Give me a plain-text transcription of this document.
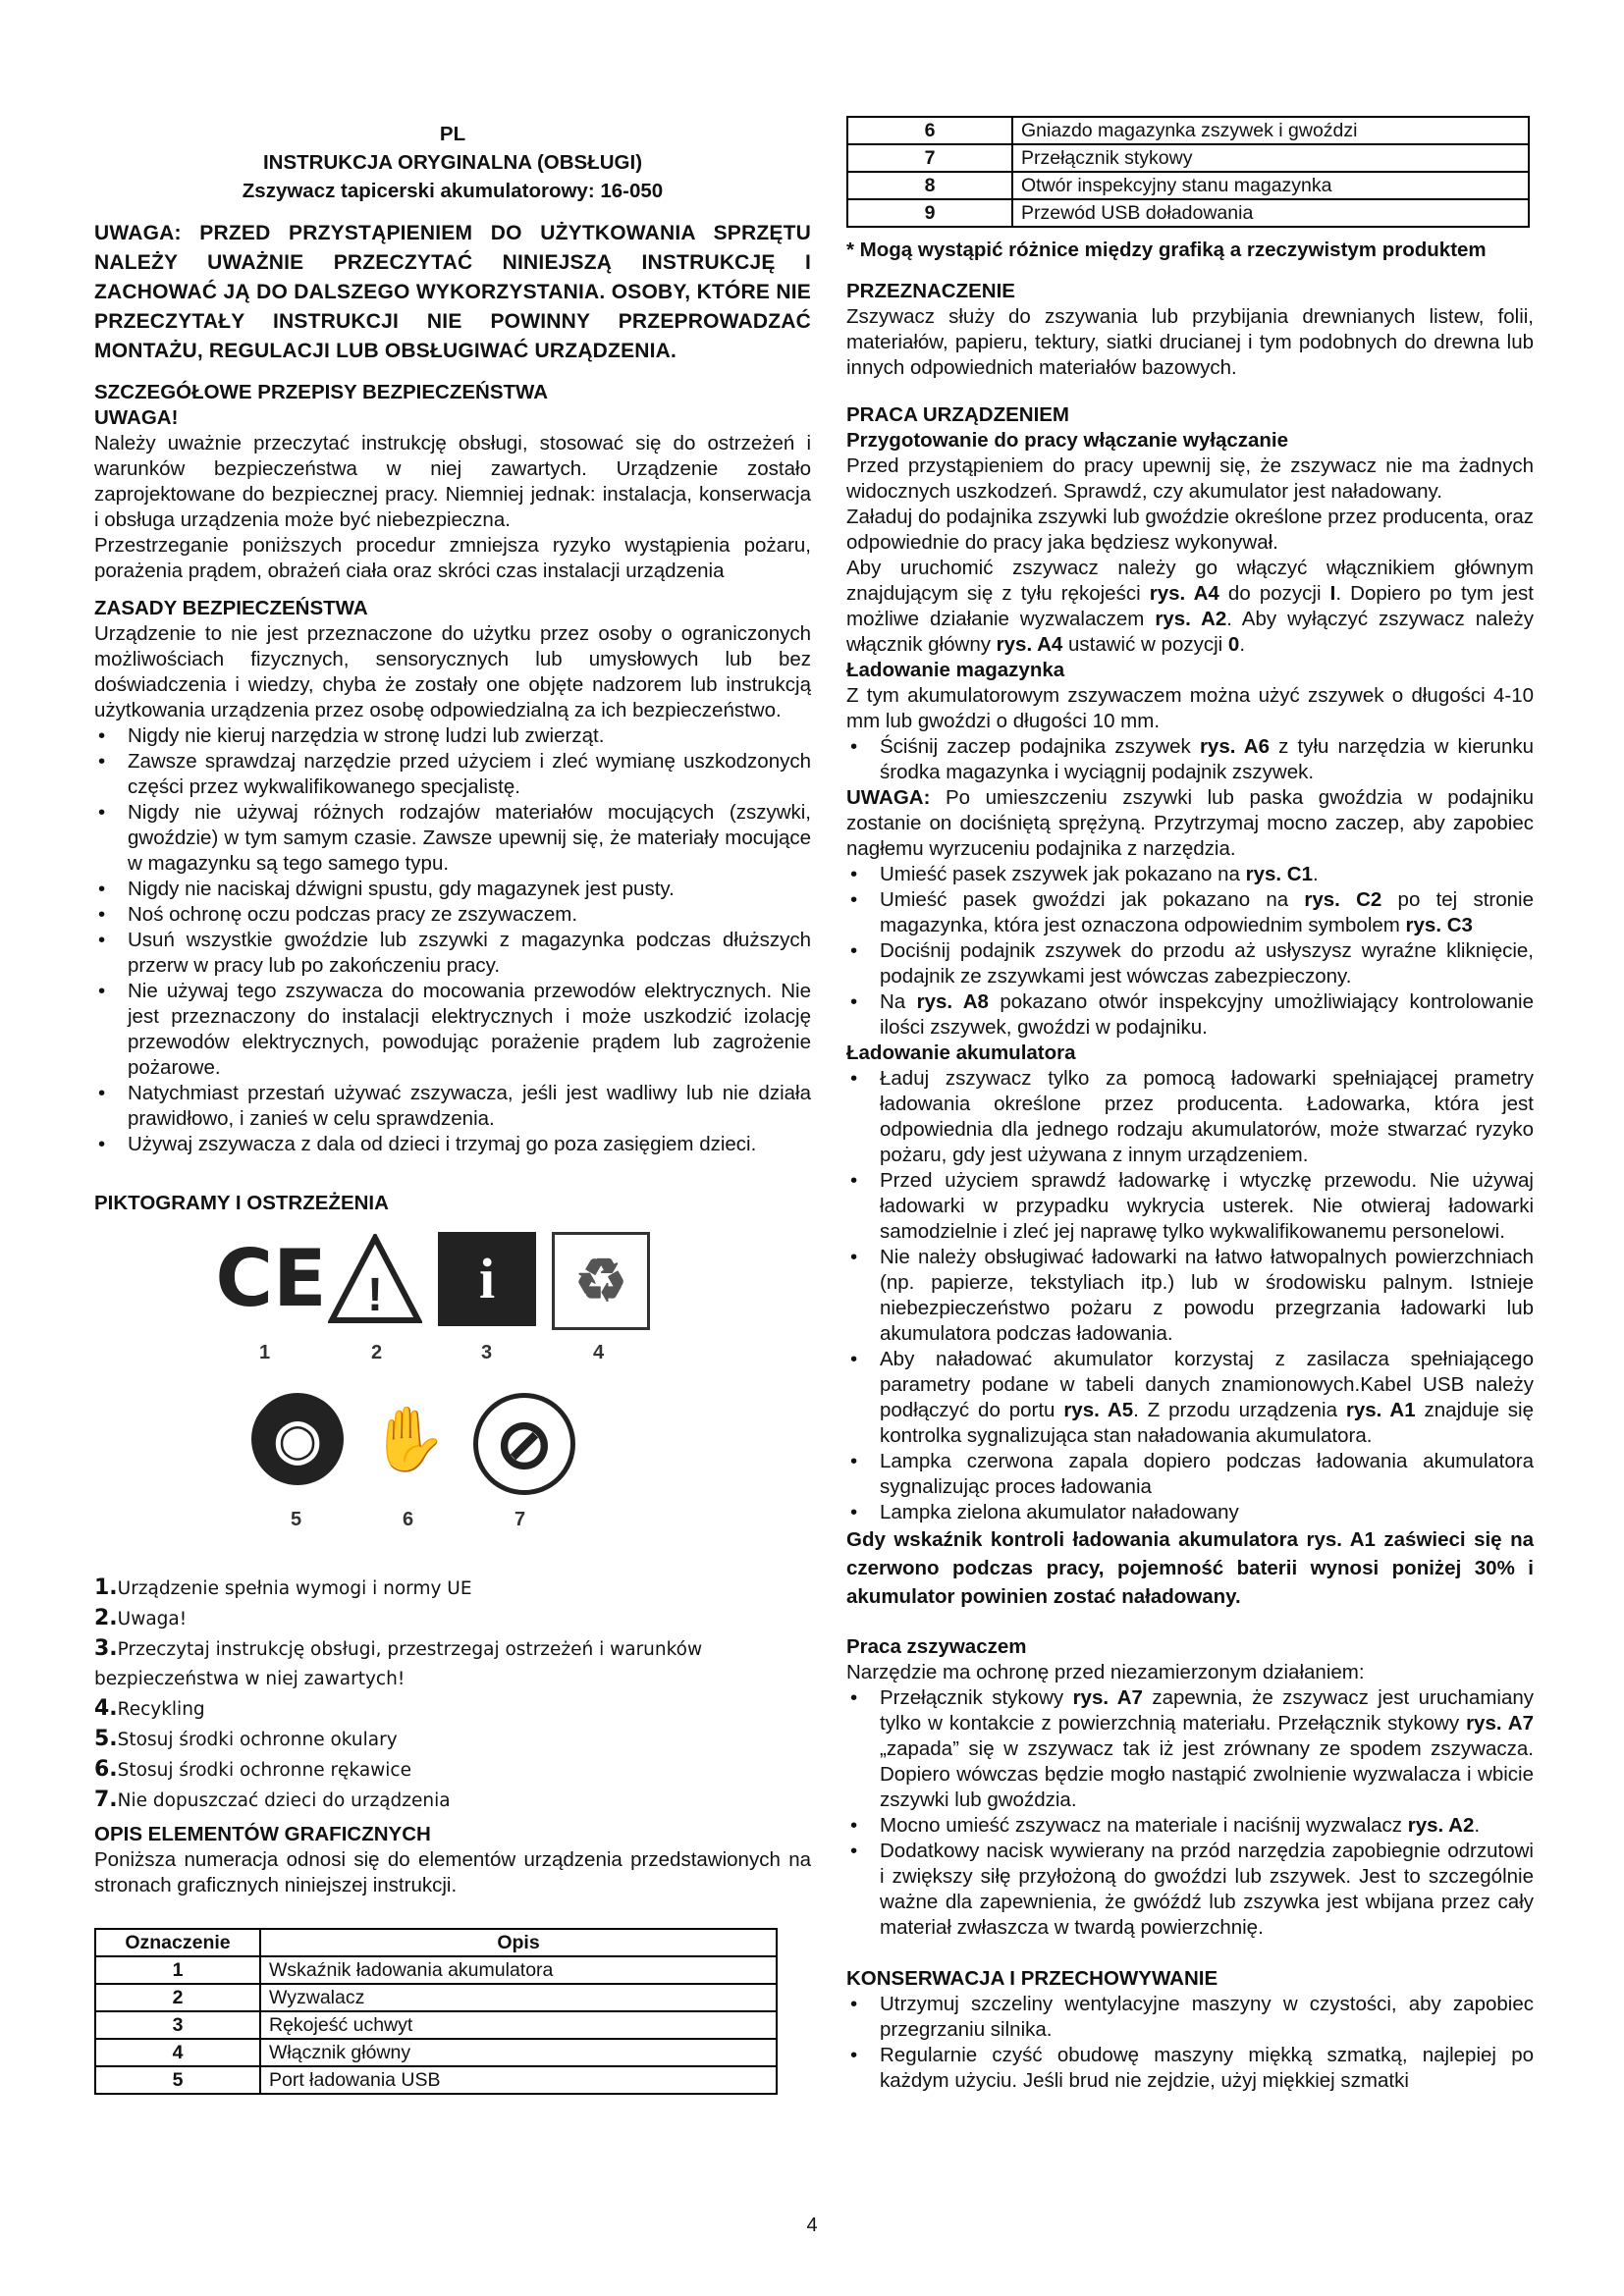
PL
INSTRUKCJA ORYGINALNA (OBSŁUGI)
Zszywacz tapicerski akumulatorowy: 16-050
UWAGA: PRZED PRZYSTĄPIENIEM DO UŻYTKOWANIA SPRZĘTU NALEŻY UWAŻNIE PRZECZYTAĆ NINIEJSZĄ INSTRUKCJĘ I ZACHOWAĆ JĄ DO DALSZEGO WYKORZYSTANIA. OSOBY, KTÓRE NIE PRZECZYTAŁY INSTRUKCJI NIE POWINNY PRZEPROWADZAĆ MONTAŻU, REGULACJI LUB OBSŁUGIWAĆ URZĄDZENIA.
SZCZEGÓŁOWE PRZEPISY BEZPIECZEŃSTWA
UWAGA!

Należy uważnie przeczytać instrukcję obsługi, stosować się do ostrzeżeń i warunków bezpieczeństwa w niej zawartych. Urządzenie zostało zaprojektowane do bezpiecznej pracy. Niemniej jednak: instalacja, konserwacja i obsługa urządzenia może być niebezpieczna.

Przestrzeganie poniższych procedur zmniejsza ryzyko wystąpienia pożaru, porażenia prądem, obrażeń ciała oraz skróci czas instalacji urządzenia

ZASADY BEZPIECZEŃSTWA

Urządzenie to nie jest przeznaczone do użytku przez osoby o ograniczonych możliwościach fizycznych, sensorycznych lub umysłowych lub bez doświadczenia i wiedzy, chyba że zostały one objęte nadzorem lub instrukcją użytkowania urządzenia przez osobę odpowiedzialną za ich bezpieczeństwo.

• Nigdy nie kieruj narzędzia w stronę ludzi lub zwierząt.
• Zawsze sprawdzaj narzędzie przed użyciem i zleć wymianę uszkodzonych części przez wykwalifikowanego specjalistę.
• Nigdy nie używaj różnych rodzajów materiałów mocujących (zszywki, gwoździe) w tym samym czasie. Zawsze upewnij się, że materiały mocujące w magazynku są tego samego typu.
• Nigdy nie naciskaj dźwigni spustu, gdy magazynek jest pusty.
• Noś ochronę oczu podczas pracy ze zszywaczem.
• Usuń wszystkie gwoździe lub zszywki z magazynka podczas dłuższych przerw w pracy lub po zakończeniu pracy.
• Nie używaj tego zszywacza do mocowania przewodów elektrycznych. Nie jest przeznaczony do instalacji elektrycznych i może uszkodzić izolację przewodów elektrycznych, powodując porażenie prądem lub zagrożenie pożarowe.
• Natychmiast przestań używać zszywacza, jeśli jest wadliwy lub nie działa prawidłowo, i zanieś w celu sprawdzenia.
• Używaj zszywacza z dala od dzieci i trzymaj go poza zasięgiem dzieci.
PIKTOGRAMY I OSTRZEŻENIA
CE !	i	♻
1	2	3	4
◉ ✋ ⊘
5	6	7
1.Urządzenie spełnia wymogi i normy UE
2.Uwaga!
3.Przeczytaj instrukcję obsługi, przestrzegaj ostrzeżeń i warunków bezpieczeństwa w niej zawartych!
4.Recykling
5.Stosuj środki ochronne okulary
6.Stosuj środki ochronne rękawice
7.Nie dopuszczać dzieci do urządzenia
OPIS ELEMENTÓW GRAFICZNYCH

Poniższa numeracja odnosi się do elementów urządzenia przedstawionych na stronach graficznych niniejszej instrukcji.

Oznaczenie	Opis
1	Wskaźnik ładowania akumulatora
2	Wyzwalacz
3	Rękojeść uchwyt
4	Włącznik główny
5	Port ładowania USB
6	Gniazdo magazynka zszywek i gwoździ
7	Przełącznik stykowy
8	Otwór inspekcyjny stanu magazynka
9	Przewód USB doładowania
* Mogą wystąpić różnice między grafiką a rzeczywistym produktem
PRZEZNACZENIE

Zszywacz służy do zszywania lub przybijania drewnianych listew, folii, materiałów, papieru, tektury, siatki drucianej i tym podobnych do drewna lub innych odpowiednich materiałów bazowych.

PRACA URZĄDZENIEM
Przygotowanie do pracy włączanie wyłączanie

Przed przystąpieniem do pracy upewnij się, że zszywacz nie ma żadnych widocznych uszkodzeń. Sprawdź, czy akumulator jest naładowany.

Załaduj do podajnika zszywki lub gwoździe określone przez producenta, oraz odpowiednie do pracy jaka będziesz wykonywał.

Aby uruchomić zszywacz należy go włączyć włącznikiem głównym znajdującym się z tyłu rękojeści rys. A4 do pozycji I. Dopiero po tym jest możliwe działanie wyzwalaczem rys. A2. Aby wyłączyć zszywacz należy włącznik główny rys. A4 ustawić w pozycji 0.

Ładowanie magazynka

Z tym akumulatorowym zszywaczem można użyć zszywek o długości 4-10 mm lub gwoździ o długości 10 mm.

• Ściśnij zaczep podajnika zszywek rys. A6 z tyłu narzędzia w kierunku środka magazynka i wyciągnij podajnik zszywek.

UWAGA: Po umieszczeniu zszywki lub paska gwoździa w podajniku zostanie on dociśniętą sprężyną. Przytrzymaj mocno zaczep, aby zapobiec nagłemu wyrzuceniu podajnika z narzędzia.

• Umieść pasek zszywek jak pokazano na rys. C1.
• Umieść pasek gwoździ jak pokazano na rys. C2 po tej stronie magazynka, która jest oznaczona odpowiednim symbolem rys. C3
• Dociśnij podajnik zszywek do przodu aż usłyszysz wyraźne kliknięcie, podajnik ze zszywkami jest wówczas zabezpieczony.
• Na rys. A8 pokazano otwór inspekcyjny umożliwiający kontrolowanie ilości zszywek, gwoździ w podajniku.
Ładowanie akumulatora
• Ładuj zszywacz tylko za pomocą ładowarki spełniającej prametry ładowania określone przez producenta. Ładowarka, która jest odpowiednia dla jednego rodzaju akumulatorów, może stwarzać ryzyko pożaru, gdy jest używana z innym urządzeniem.
• Przed użyciem sprawdź ładowarkę i wtyczkę przewodu. Nie używaj ładowarki w przypadku wykrycia usterek. Nie otwieraj ładowarki samodzielnie i zleć jej naprawę tylko wykwalifikowanemu personelowi.
• Nie należy obsługiwać ładowarki na łatwo łatwopalnych powierzchniach (np. papierze, tekstyliach itp.) lub w środowisku palnym. Istnieje niebezpieczeństwo pożaru z powodu przegrzania ładowarki lub akumulatora podczas ładowania.
• Aby naładować akumulator korzystaj z zasilacza spełniającego parametry podane w tabeli danych znamionowych.Kabel USB należy podłączyć do portu rys. A5. Z przodu urządzenia rys. A1 znajduje się kontrolka sygnalizująca stan naładowania akumulatora.
• Lampka czerwona zapala dopiero podczas ładowania akumulatora sygnalizując proces ładowania
• Lampka zielona akumulator naładowany

Gdy wskaźnik kontroli ładowania akumulatora rys. A1 zaświeci się na czerwono podczas pracy, pojemność baterii wynosi poniżej 30% i akumulator powinien zostać naładowany.

Praca zszywaczem

Narzędzie ma ochronę przed niezamierzonym działaniem:

• Przełącznik stykowy rys. A7 zapewnia, że zszywacz jest uruchamiany tylko w kontakcie z powierzchnią materiału. Przełącznik stykowy rys. A7 „zapada” się w zszywacz tak iż jest zrównany ze spodem zszywacza. Dopiero wówczas będzie mogło nastąpić zwolnienie wyzwalacza i wbicie zszywki lub gwoździa.
• Mocno umieść zszywacz na materiale i naciśnij wyzwalacz rys. A2.
• Dodatkowy nacisk wywierany na przód narzędzia zapobiegnie odrzutowi i zwiększy siłę przyłożoną do gwoździ lub zszywek. Jest to szczególnie ważne dla zapewnienia, że gwóźdź lub zszywka jest wbijana przez cały materiał zwłaszcza w twardą powierzchnię.
KONSERWACJA I PRZECHOWYWANIE
• Utrzymuj szczeliny wentylacyjne maszyny w czystości, aby zapobiec przegrzaniu silnika.
• Regularnie czyść obudowę maszyny miękką szmatką, najlepiej po każdym użyciu. Jeśli brud nie zejdzie, użyj miękkiej szmatki
4
